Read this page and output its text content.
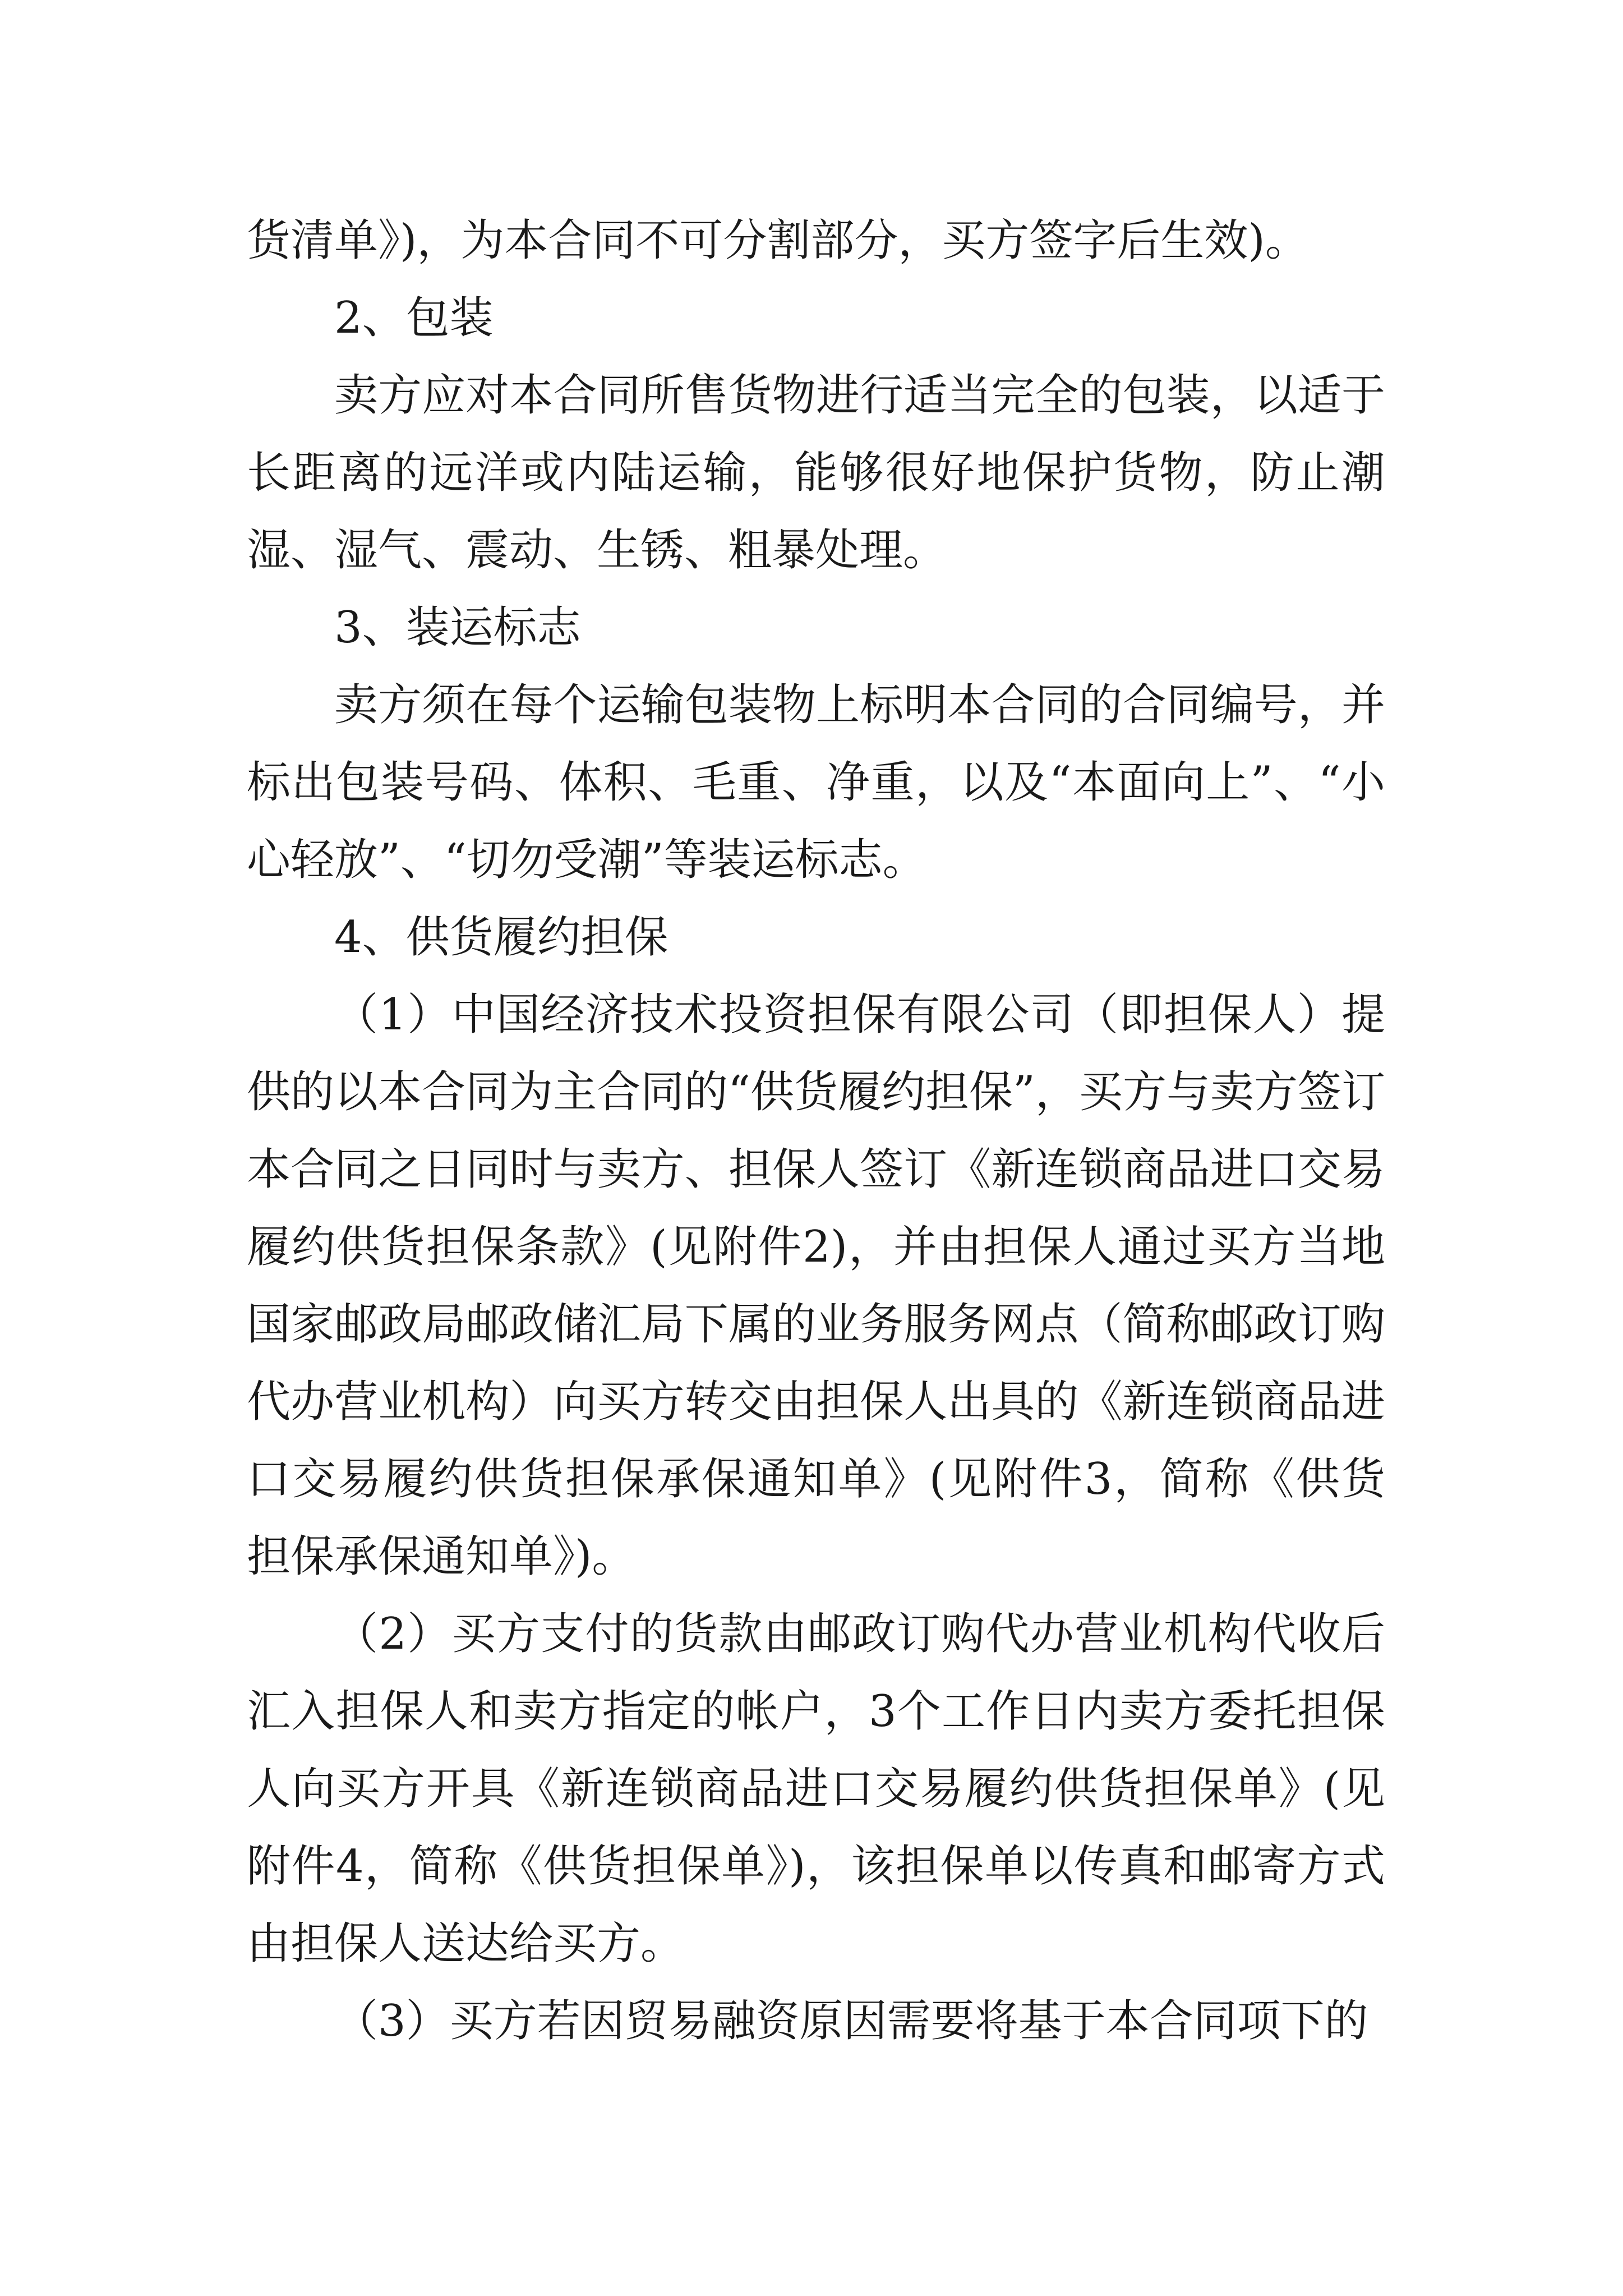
货清单》)，为本合同不可分割部分，买方签字后生效)。

2、包装

卖方应对本合同所售货物进行适当完全的包装，以适于长距离的远洋或内陆运输，能够很好地保护货物，防止潮湿、湿气、震动、生锈、粗暴处理。

3、装运标志

卖方须在每个运输包装物上标明本合同的合同编号，并标出包装号码、体积、毛重、净重，以及“本面向上”、“小心轻放”、“切勿受潮”等装运标志。

4、供货履约担保

（1）中国经济技术投资担保有限公司（即担保人）提供的以本合同为主合同的“供货履约担保”，买方与卖方签订本合同之日同时与卖方、担保人签订《新连锁商品进口交易履约供货担保条款》(见附件2)，并由担保人通过买方当地国家邮政局邮政储汇局下属的业务服务网点（简称邮政订购代办营业机构）向买方转交由担保人出具的《新连锁商品进口交易履约供货担保承保通知单》(见附件3，简称《供货担保承保通知单》)。

（2）买方支付的货款由邮政订购代办营业机构代收后汇入担保人和卖方指定的帐户，3个工作日内卖方委托担保人向买方开具《新连锁商品进口交易履约供货担保单》(见附件4，简称《供货担保单》)，该担保单以传真和邮寄方式由担保人送达给买方。

（3）买方若因贸易融资原因需要将基于本合同项下的
